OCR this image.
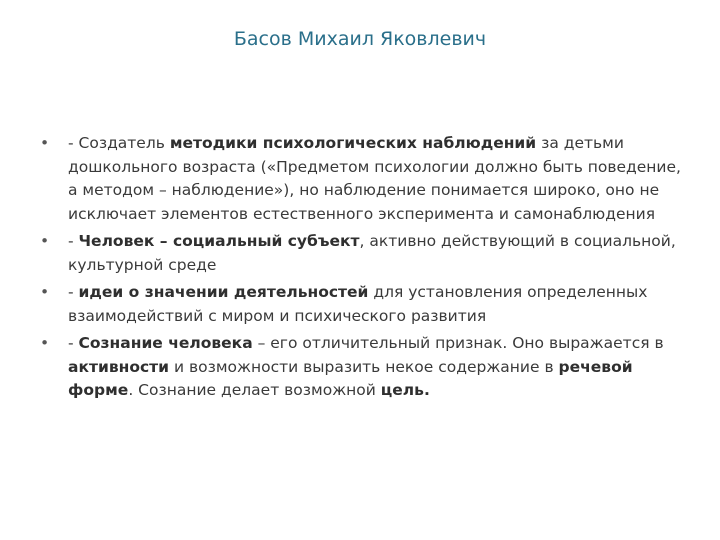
Басов Михаил Яковлевич
• - Создатель методики психологических наблюдений за детьми дошкольного возраста («Предметом психологии должно быть поведение, а методом – наблюдение»), но наблюдение понимается широко, оно не исключает элементов естественного эксперимента и самонаблюдения
• - Человек – социальный субъект, активно действующий в социальной, культурной среде
• - идеи о значении деятельностей для установления определенных взаимодействий с миром и психического развития
• - Сознание человека – его отличительный признак. Оно выражается в активности и возможности выразить некое содержание в речевой форме. Сознание делает возможной цель.
